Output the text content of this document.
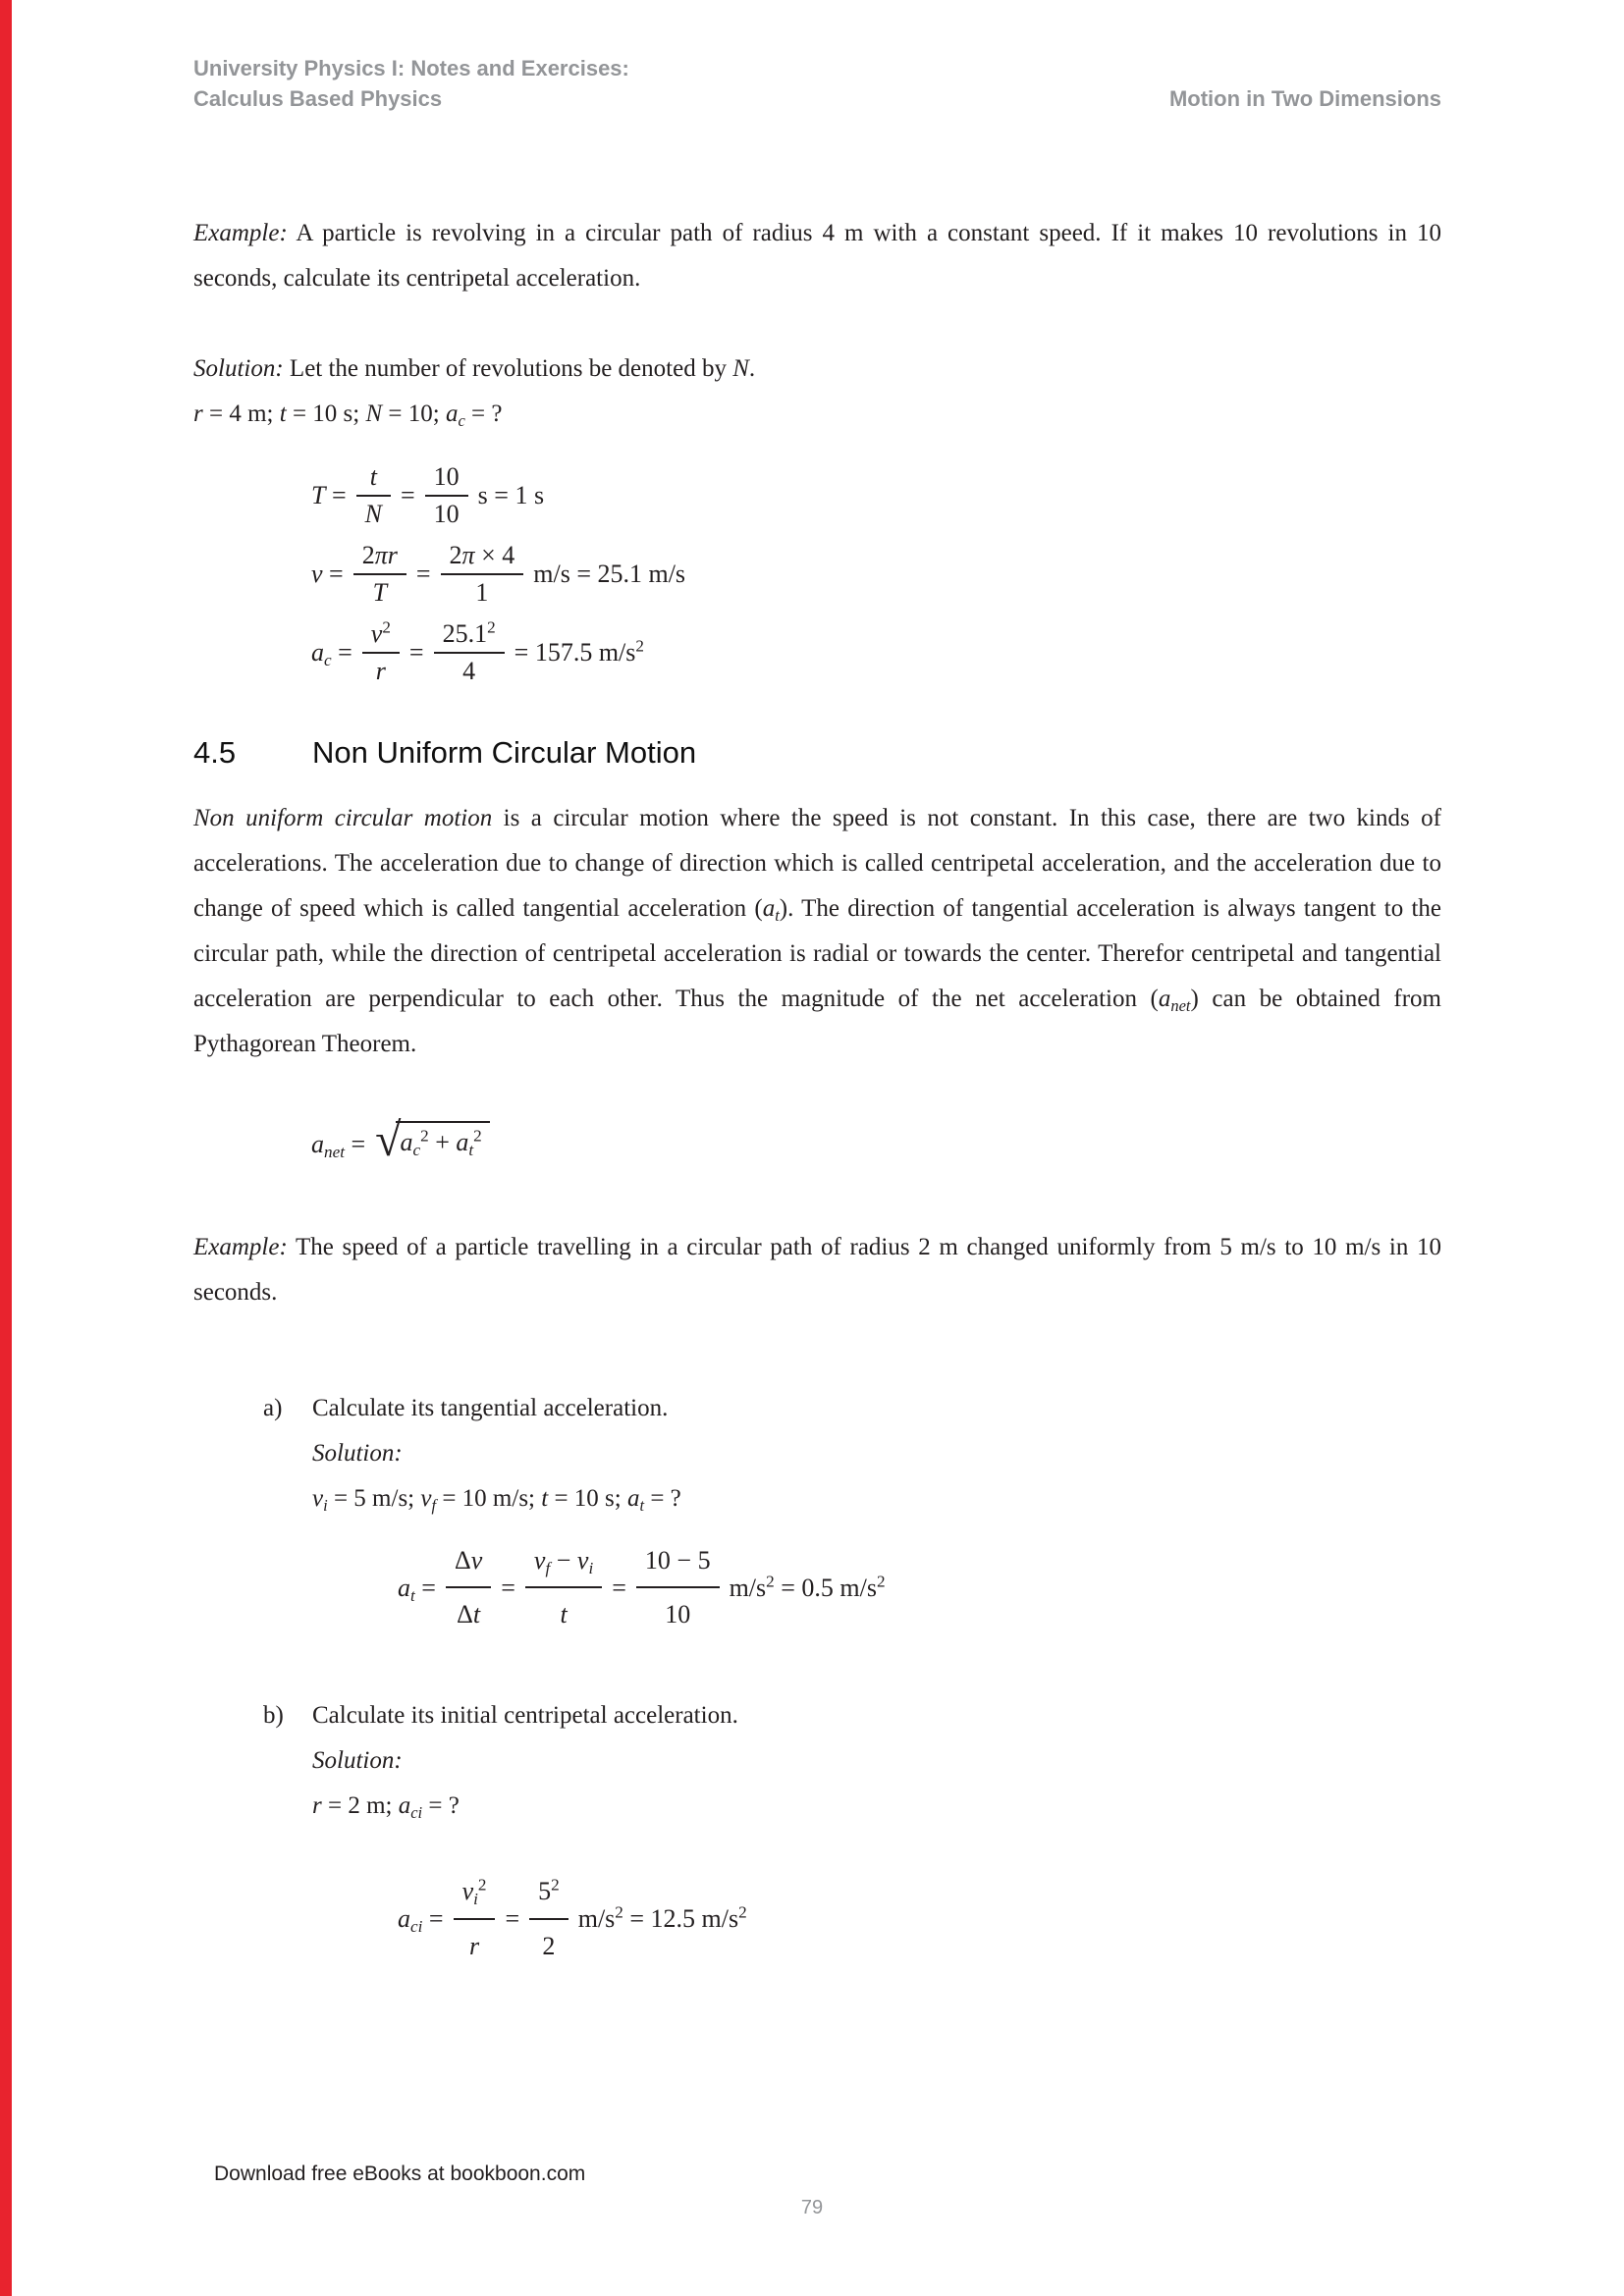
University Physics I: Notes and Exercises:
Calculus Based Physics	Motion in Two Dimensions

Example: A particle is revolving in a circular path of radius 4 m with a constant speed. If it makes 10 revolutions in 10 seconds, calculate its centripetal acceleration.

Solution: Let the number of revolutions be denoted by N.

r = 4 m; t = 10 s; N = 10; $a_c$ = ?

$T = \frac{t}{N} = \frac{10}{10}$ s = 1 s
$v = \frac{2\pi r}{T} = \frac{2\pi \times 4}{1} m/s = 25.1$ m/s
$a_c = \frac{v^2}{r} = \frac{25.1^2}{4} = 157.5$ $m/s^2$
4.5	Non Uniform Circular Motion

Non uniform circular motion is a circular motion where the speed is not constant. In this case, there are two kinds of accelerations. The acceleration due to change of direction which is called centripetal acceleration, and the acceleration due to change of speed which is called tangential acceleration $(a_t)$. The direction of tangential acceleration is always tangent to the circular path, while the direction of centripetal acceleration is radial or towards the center. Therefor centripetal and tangential acceleration are perpendicular to each other. Thus the magnitude of the net acceleration $(a_{net})$ can be obtained from Pythagorean Theorem.

$a_{net}$ = √ $a_c^2 + a_t^2$

Example: The speed of a particle travelling in a circular path of radius 2 m changed uniformly from 5 m/s to 10 m/s in 10 seconds.

a)	Calculate its tangential acceleration.

Solution:

$v_i = 5$ m/s; $v_f = 10$ m/s; t = 10 s; $a_t$ = ?

$a_t = \frac{\Delta v}{\Delta t} = \frac{v_f - v_i}{t} = \frac{10 - 5}{10} m/s^2 = 0.5$ $m/s^2$
b)	Calculate its initial centripetal acceleration.

Solution:

r = 2 m; $a_{ci}$ = ?

$a_{ci} = \frac{v_i^2}{r} = \frac{5^2}{2} m/s^2 = 12.5$ $m/s^2$
Download free eBooks at bookboon.com
79
